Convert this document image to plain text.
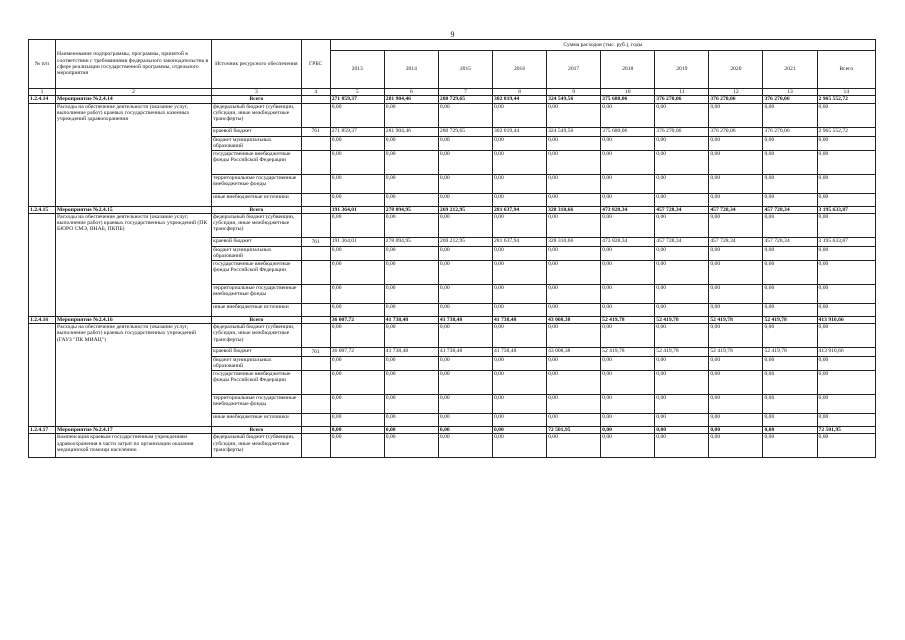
9
№ п/п	Наименование подпрограммы, программы, принятой в соответствии с требованиями федерального законодательства в сфере реализации государственной программы, отдельного мероприятия	Источник ресурсного обеспечения	ГРБС	Сумма расходов (тыс. руб.), годы									
				2013	2014	2015	2016	2017	2018	2019	2020	2021	Всего
1	2	3	4	5	6	7	8	9	10	11	12	13	14
1.2.4.14	Мероприятие №2.4.14	Всего		271 859,37	281 904,46	280 729,65	302 019,44	324 549,56	375 680,06	376 270,06	376 270,06	376 270,06	2 965 552,72
	Расходы на обеспечение деятельности (оказание услуг, выполнение работ) краевых государственных казенных учреждений здравоохранения	федеральный бюджет (субвенции, субсидии, иные межбюджетные трансферты)		0,00	0,00	0,00	0,00	0,00	0,00	0,00	0,00	0,00	0,00
		краевой бюджет	761	271 859,37	281 904,46	280 729,65	302 019,44	324 549,56	375 680,06	376 270,06	376 270,06	376 270,06	2 965 552,72
		бюджет муниципальных образований		0,00	0,00	0,00	0,00	0,00	0,00	0,00	0,00	0,00	0,00
		государственные внебюджетные фонды Российской Федерации		0,00	0,00	0,00	0,00	0,00	0,00	0,00	0,00	0,00	0,00
		территориальные государственные внебюджетные фонды		0,00	0,00	0,00	0,00	0,00	0,00	0,00	0,00	0,00	0,00
		иные внебюджетные источники		0,00	0,00	0,00	0,00	0,00	0,00	0,00	0,00	0,00	0,00
1.2.4.15	Мероприятие №2.4.15	Всего		191 364,01	278 094,95	269 212,95	281 637,94	328 310,66	473 828,34	457 728,34	457 728,34	457 728,34	3 195 633,87
	Расходы на обеспечение деятельности (оказание услуг, выполнение работ) краевых государственных учреждений (ПК БЮРО СМЭ, ВНАБ, ПКПБ)	федеральный бюджет (субвенции, субсидии, иные межбюджетные трансферты)		0,00	0,00	0,00	0,00	0,00	0,00	0,00	0,00	0,00	0,00
		краевой бюджет	761	191 364,01	278 094,95	269 212,95	281 637,94	328 310,66	473 828,34	457 728,34	457 728,34	457 728,34	3 195 633,87
		бюджет муниципальных образований		0,00	0,00	0,00	0,00	0,00	0,00	0,00	0,00	0,00	0,00
		государственные внебюджетные фонды Российской Федерации		0,00	0,00	0,00	0,00	0,00	0,00	0,00	0,00	0,00	0,00
		территориальные государственные внебюджетные фонды		0,00	0,00	0,00	0,00	0,00	0,00	0,00	0,00	0,00	0,00
		иные внебюджетные источники		0,00	0,00	0,00	0,00	0,00	0,00	0,00	0,00	0,00	0,00
1.2.4.16	Мероприятие №2.4.16	Всего		36 007,72	41 738,48	41 738,48	41 738,48	43 008,38	52 419,78	52 419,78	52 419,78	52 419,78	413 910,66
	Расходы на обеспечение деятельности (оказание услуг, выполнение работ) краевых государственных учреждений (ГАУЗ "ПК МИАЦ")	федеральный бюджет (субвенции, субсидии, иные межбюджетные трансферты)		0,00	0,00	0,00	0,00	0,00	0,00	0,00	0,00	0,00	0,00
		краевой бюджет	761	36 007,72	41 738,48	41 738,48	41 738,48	43 008,38	52 419,78	52 419,78	52 419,78	52 419,78	413 910,66
		бюджет муниципальных образований		0,00	0,00	0,00	0,00	0,00	0,00	0,00	0,00	0,00	0,00
		государственные внебюджетные фонды Российской Федерации		0,00	0,00	0,00	0,00	0,00	0,00	0,00	0,00	0,00	0,00
		территориальные государственные внебюджетные фонды		0,00	0,00	0,00	0,00	0,00	0,00	0,00	0,00	0,00	0,00
		иные внебюджетные источники		0,00	0,00	0,00	0,00	0,00	0,00	0,00	0,00	0,00	0,00
1.2.4.17	Мероприятие №2.4.17	Всего		0,00	0,00	0,00	0,00	72 501,95	0,00	0,00	0,00	0,00	72 501,95
	Компенсация краевым государственным учреждениям здравоохранения в части затрат по организации оказания медицинской помощи населению	федеральный бюджет (субвенции, субсидии, иные межбюджетные трансферты)		0,00	0,00	0,00	0,00	0,00	0,00	0,00	0,00	0,00	0,00
